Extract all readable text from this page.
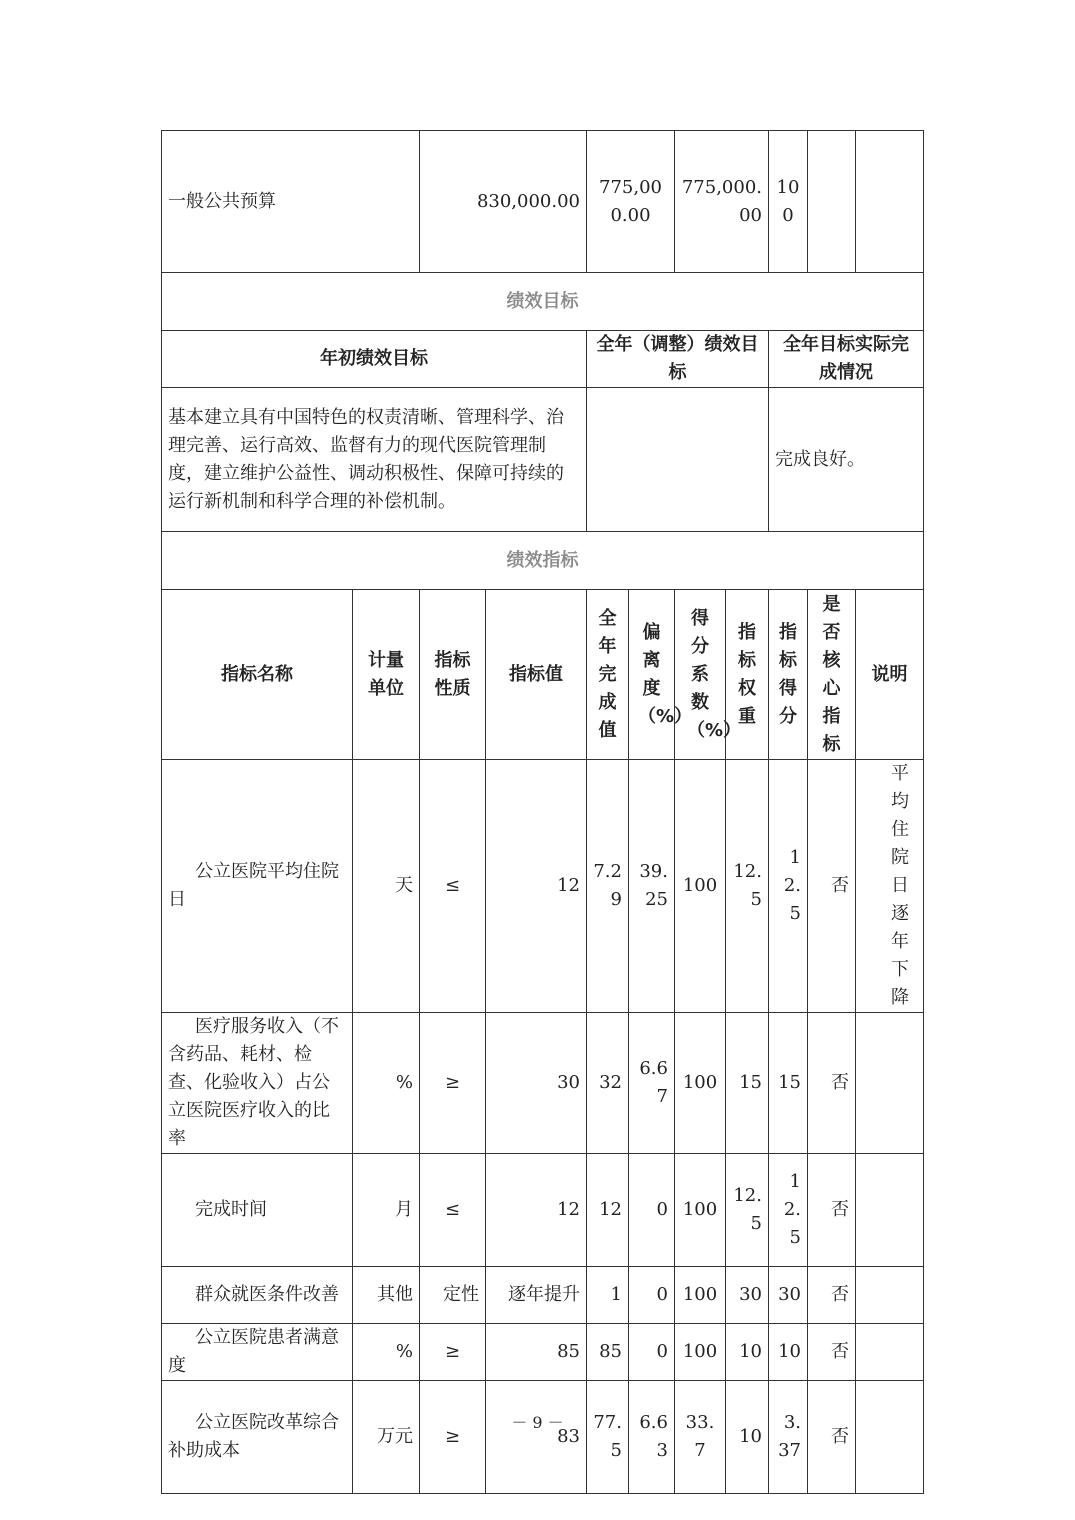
一般公共预算		830,000.00		775,000.00		775,000.00		100		
绩效目标										
年初绩效目标				全年（调整）绩效目标				全年目标实际完成情况		
基本建立具有中国特色的权责清晰、管理科学、治理完善、运行高效、监督有力的现代医院管理制度，建立维护公益性、调动积极性、保障可持续的运行新机制和科学合理的补偿机制。								完成良好。		
绩效指标										
指标名称	计量单位	指标性质	指标值	全年完成值	偏离度（%）	得分系数（%）	指标权重	指标得分	是否核心指标	说明
公立医院平均住院日	天	≤	12	7.29	39.25	100	12.5	12.5	否	平均住院日逐年下降
医疗服务收入（不含药品、耗材、检查、化验收入）占公立医院医疗收入的比率	%	≥	30	32	6.67	100	15	15	否	
完成时间	月	≤	12	12	0	100	12.5	12.5	否	
群众就医条件改善	其他	定性	逐年提升	1	0	100	30	30	否	
公立医院患者满意度	%	≥	85	85	0	100	10	10	否	
公立医院改革综合补助成本	万元	≥	83	77.5	6.63	33.7	10	3.37	否	
－ 9 －
